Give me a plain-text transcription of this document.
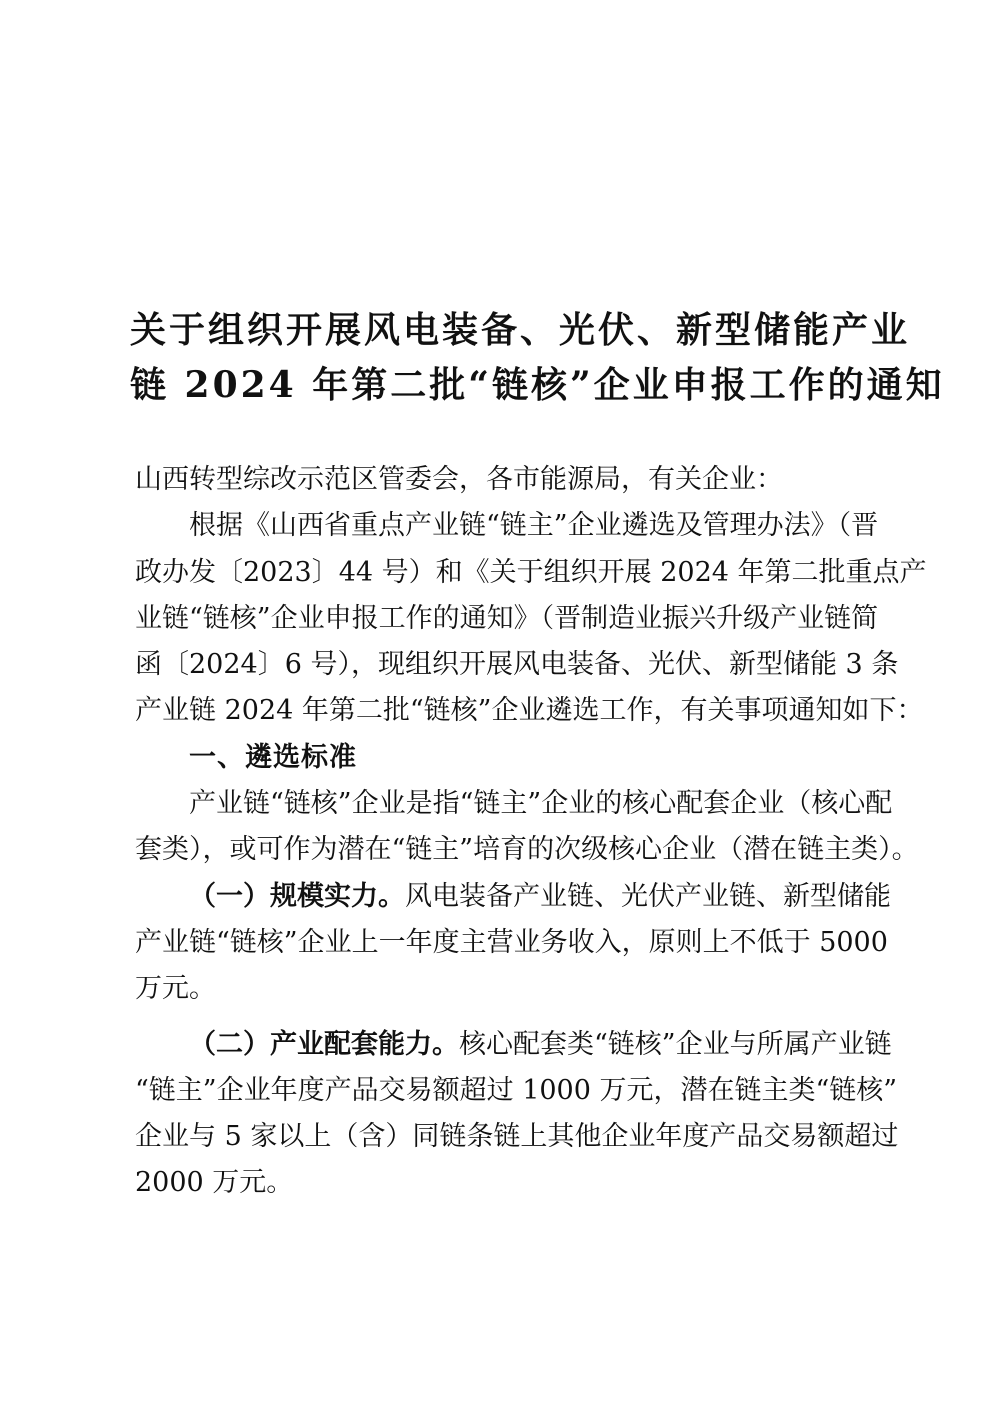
关于组织开展风电装备、光伏、新型储能产业
链 2024 年第二批“链核”企业申报工作的通知
山西转型综改示范区管委会，各市能源局，有关企业：
根据《山西省重点产业链“链主”企业遴选及管理办法》（晋
政办发〔2023〕44 号）和《关于组织开展 2024 年第二批重点产
业链“链核”企业申报工作的通知》（晋制造业振兴升级产业链简
函〔2024〕6 号），现组织开展风电装备、光伏、新型储能 3 条
产业链 2024 年第二批“链核”企业遴选工作，有关事项通知如下：
一、遴选标准
产业链“链核”企业是指“链主”企业的核心配套企业（核心配
套类），或可作为潜在“链主”培育的次级核心企业（潜在链主类）。
（一）规模实力。风电装备产业链、光伏产业链、新型储能
产业链“链核”企业上一年度主营业务收入，原则上不低于 5000
万元。
（二）产业配套能力。核心配套类“链核”企业与所属产业链
“链主”企业年度产品交易额超过 1000 万元，潜在链主类“链核”
企业与 5 家以上（含）同链条链上其他企业年度产品交易额超过
2000 万元。
